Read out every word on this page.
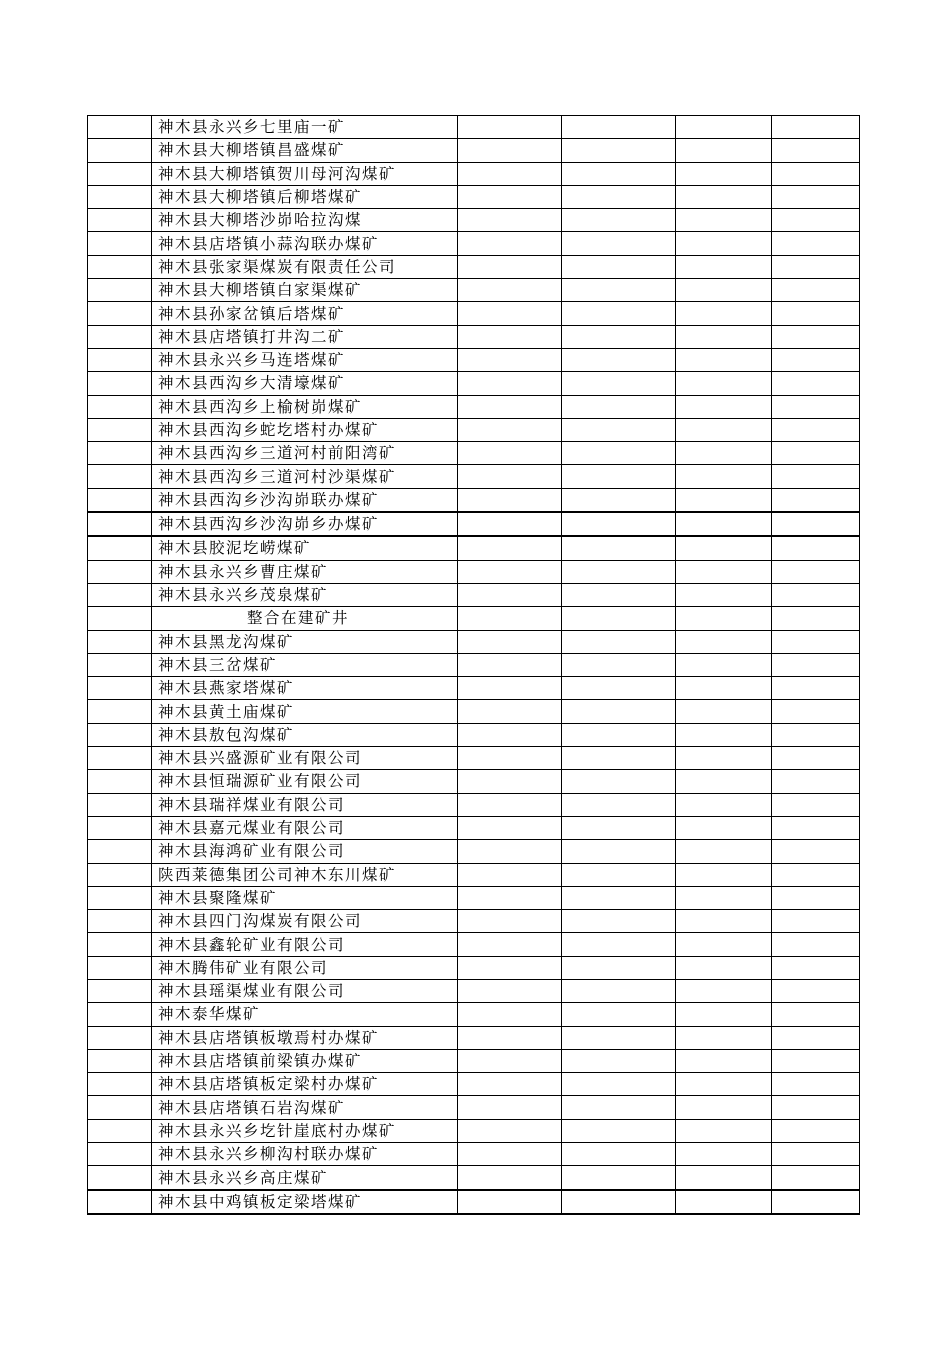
	神木县永兴乡七里庙一矿				
	神木县大柳塔镇昌盛煤矿				
	神木县大柳塔镇贺川母河沟煤矿				
	神木县大柳塔镇后柳塔煤矿				
	神木县大柳塔沙峁哈拉沟煤				
	神木县店塔镇小蒜沟联办煤矿				
	神木县张家渠煤炭有限责任公司				
	神木县大柳塔镇白家渠煤矿				
	神木县孙家岔镇后塔煤矿				
	神木县店塔镇打井沟二矿				
	神木县永兴乡马连塔煤矿				
	神木县西沟乡大清壕煤矿				
	神木县西沟乡上榆树峁煤矿				
	神木县西沟乡蛇圪塔村办煤矿				
	神木县西沟乡三道河村前阳湾矿				
	神木县西沟乡三道河村沙渠煤矿				
	神木县西沟乡沙沟峁联办煤矿				
	神木县西沟乡沙沟峁乡办煤矿				
	神木县胶泥圪崂煤矿				
	神木县永兴乡曹庄煤矿				
	神木县永兴乡茂泉煤矿				
	整合在建矿井				
	神木县黑龙沟煤矿				
	神木县三岔煤矿				
	神木县燕家塔煤矿				
	神木县黄土庙煤矿				
	神木县敖包沟煤矿				
	神木县兴盛源矿业有限公司				
	神木县恒瑞源矿业有限公司				
	神木县瑞祥煤业有限公司				
	神木县嘉元煤业有限公司				
	神木县海鸿矿业有限公司				
	陕西莱德集团公司神木东川煤矿				
	神木县聚隆煤矿				
	神木县四门沟煤炭有限公司				
	神木县鑫轮矿业有限公司				
	神木腾伟矿业有限公司				
	神木县瑶渠煤业有限公司				
	神木泰华煤矿				
	神木县店塔镇板墩焉村办煤矿				
	神木县店塔镇前梁镇办煤矿				
	神木县店塔镇板定梁村办煤矿				
	神木县店塔镇石岩沟煤矿				
	神木县永兴乡圪针崖底村办煤矿				
	神木县永兴乡柳沟村联办煤矿				
	神木县永兴乡高庄煤矿				
	神木县中鸡镇板定梁塔煤矿				
